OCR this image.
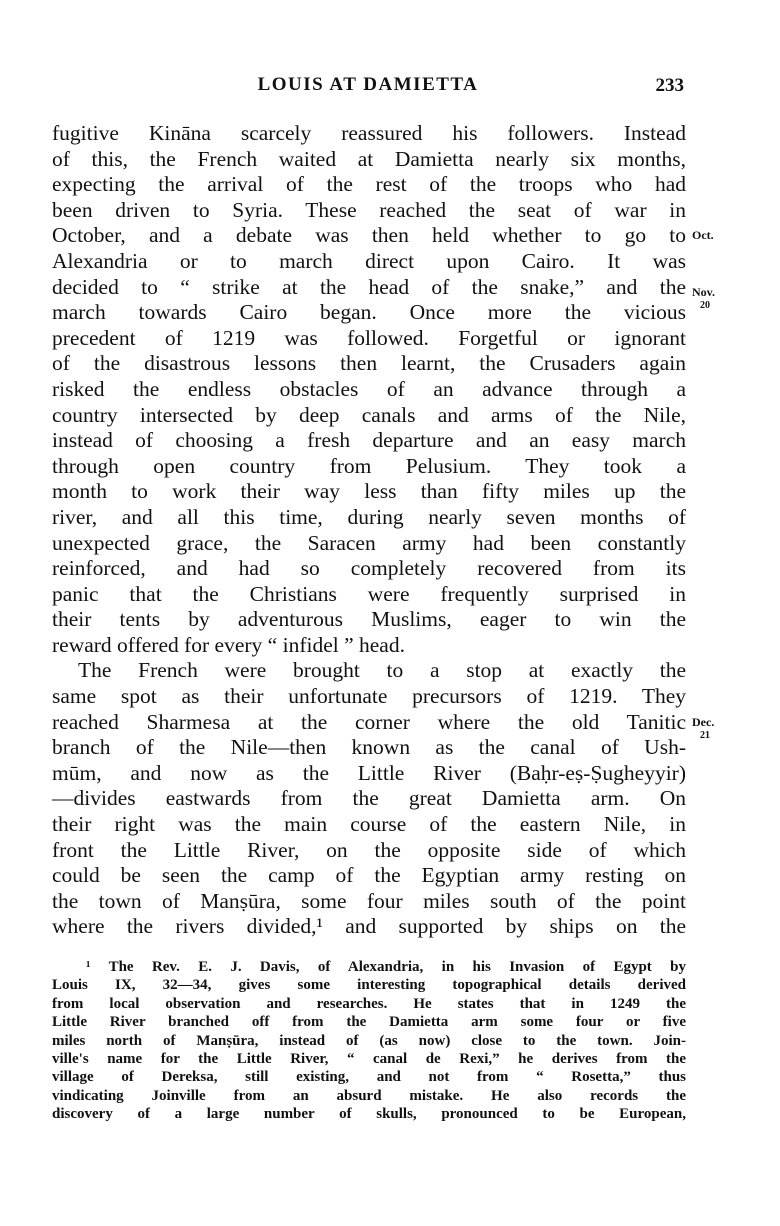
LOUIS AT DAMIETTA	233
fugitive Kināna scarcely reassured his followers. Instead
of this, the French waited at Damietta nearly six months,
expecting the arrival of the rest of the troops who had
been driven to Syria. These reached the seat of war in
October, and a debate was then held whether to go to
Alexandria or to march direct upon Cairo. It was
decided to “ strike at the head of the snake,” and the
march towards Cairo began. Once more the vicious
precedent of 1219 was followed. Forgetful or ignorant
of the disastrous lessons then learnt, the Crusaders again
risked the endless obstacles of an advance through a
country intersected by deep canals and arms of the Nile,
instead of choosing a fresh departure and an easy march
through open country from Pelusium. They took a
month to work their way less than fifty miles up the
river, and all this time, during nearly seven months of
unexpected grace, the Saracen army had been constantly
reinforced, and had so completely recovered from its
panic that the Christians were frequently surprised in
their tents by adventurous Muslims, eager to win the
reward offered for every “ infidel ” head.
The French were brought to a stop at exactly the
same spot as their unfortunate precursors of 1219. They
reached Sharmesa at the corner where the old Tanitic
branch of the Nile—then known as the canal of Ush-
mūm, and now as the Little River (Baḥr-eṣ-Ṣugheyyir)
—divides eastwards from the great Damietta arm. On
their right was the main course of the eastern Nile, in
front the Little River, on the opposite side of which
could be seen the camp of the Egyptian army resting on
the town of Manṣūra, some four miles south of the point
where the rivers divided,¹ and supported by ships on the
Oct.
Nov.
20
Dec.
21
¹ The Rev. E. J. Davis, of Alexandria, in his Invasion of Egypt by
Louis IX, 32—34, gives some interesting topographical details derived
from local observation and researches. He states that in 1249 the
Little River branched off from the Damietta arm some four or five
miles north of Manṣūra, instead of (as now) close to the town. Join-
ville's name for the Little River, “ canal de Rexi,” he derives from the
village of Dereksa, still existing, and not from “ Rosetta,” thus
vindicating Joinville from an absurd mistake. He also records the
discovery of a large number of skulls, pronounced to be European,
